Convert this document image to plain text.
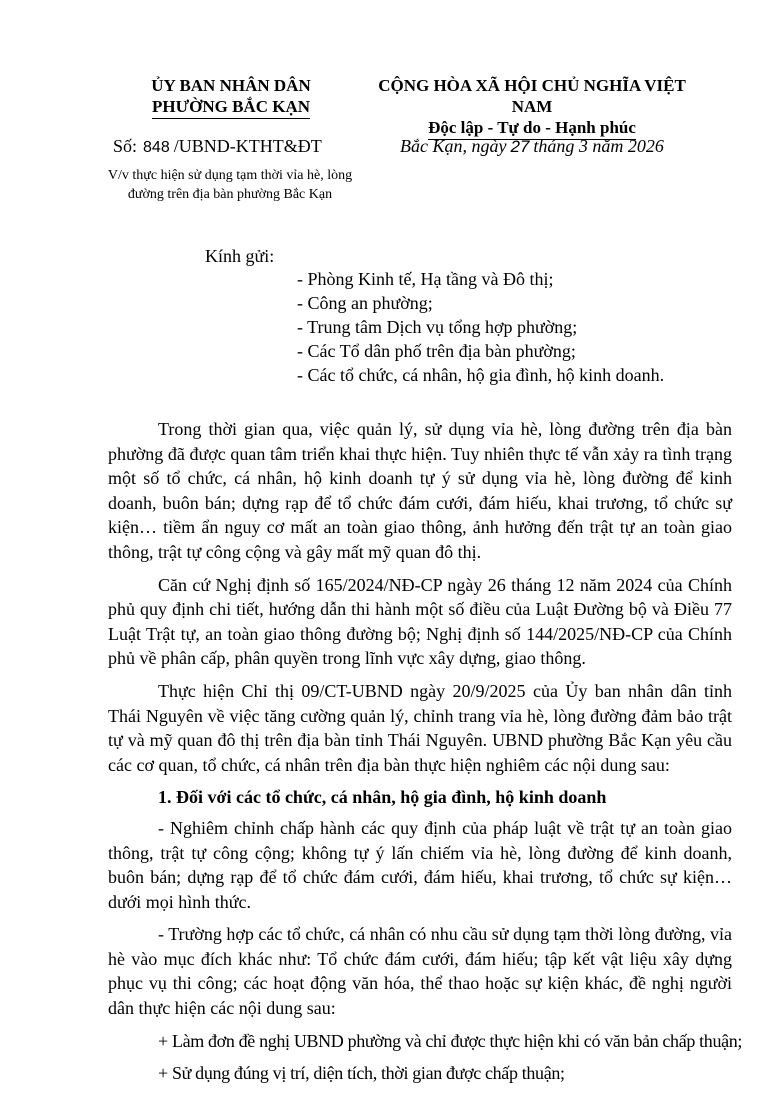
ỦY BAN NHÂN DÂN
PHƯỜNG BẮC KẠN
CỘNG HÒA XÃ HỘI CHỦ NGHĨA VIỆT NAM
Độc lập - Tự do - Hạnh phúc
Số: 848 /UBND-KTHT&ĐT	Bắc Kạn, ngày 27 tháng 3 năm 2026
V/v thực hiện sử dụng tạm thời vỉa hè, lòng đường trên địa bàn phường Bắc Kạn
Kính gửi:
- Phòng Kinh tế, Hạ tầng và Đô thị;
- Công an phường;
- Trung tâm Dịch vụ tổng hợp phường;
- Các Tổ dân phố trên địa bàn phường;
- Các tổ chức, cá nhân, hộ gia đình, hộ kinh doanh.

Trong thời gian qua, việc quản lý, sử dụng vỉa hè, lòng đường trên địa bàn phường đã được quan tâm triển khai thực hiện. Tuy nhiên thực tế vẫn xảy ra tình trạng một số tổ chức, cá nhân, hộ kinh doanh tự ý sử dụng vỉa hè, lòng đường để kinh doanh, buôn bán; dựng rạp để tổ chức đám cưới, đám hiếu, khai trương, tổ chức sự kiện… tiềm ẩn nguy cơ mất an toàn giao thông, ảnh hưởng đến trật tự an toàn giao thông, trật tự công cộng và gây mất mỹ quan đô thị.

Căn cứ Nghị định số 165/2024/NĐ-CP ngày 26 tháng 12 năm 2024 của Chính phủ quy định chi tiết, hướng dẫn thi hành một số điều của Luật Đường bộ và Điều 77 Luật Trật tự, an toàn giao thông đường bộ; Nghị định số 144/2025/NĐ-CP của Chính phủ về phân cấp, phân quyền trong lĩnh vực xây dựng, giao thông.

Thực hiện Chỉ thị 09/CT-UBND ngày 20/9/2025 của Ủy ban nhân dân tỉnh Thái Nguyên về việc tăng cường quản lý, chỉnh trang vỉa hè, lòng đường đảm bảo trật tự và mỹ quan đô thị trên địa bàn tỉnh Thái Nguyên. UBND phường Bắc Kạn yêu cầu các cơ quan, tổ chức, cá nhân trên địa bàn thực hiện nghiêm các nội dung sau:

1. Đối với các tổ chức, cá nhân, hộ gia đình, hộ kinh doanh

- Nghiêm chỉnh chấp hành các quy định của pháp luật về trật tự an toàn giao thông, trật tự công cộng; không tự ý lấn chiếm vỉa hè, lòng đường để kinh doanh, buôn bán; dựng rạp để tổ chức đám cưới, đám hiếu, khai trương, tổ chức sự kiện… dưới mọi hình thức.

- Trường hợp các tổ chức, cá nhân có nhu cầu sử dụng tạm thời lòng đường, vỉa hè vào mục đích khác như: Tổ chức đám cưới, đám hiếu; tập kết vật liệu xây dựng phục vụ thi công; các hoạt động văn hóa, thể thao hoặc sự kiện khác, đề nghị người dân thực hiện các nội dung sau:

+ Làm đơn đề nghị UBND phường và chỉ được thực hiện khi có văn bản chấp thuận;

+ Sử dụng đúng vị trí, diện tích, thời gian được chấp thuận;
